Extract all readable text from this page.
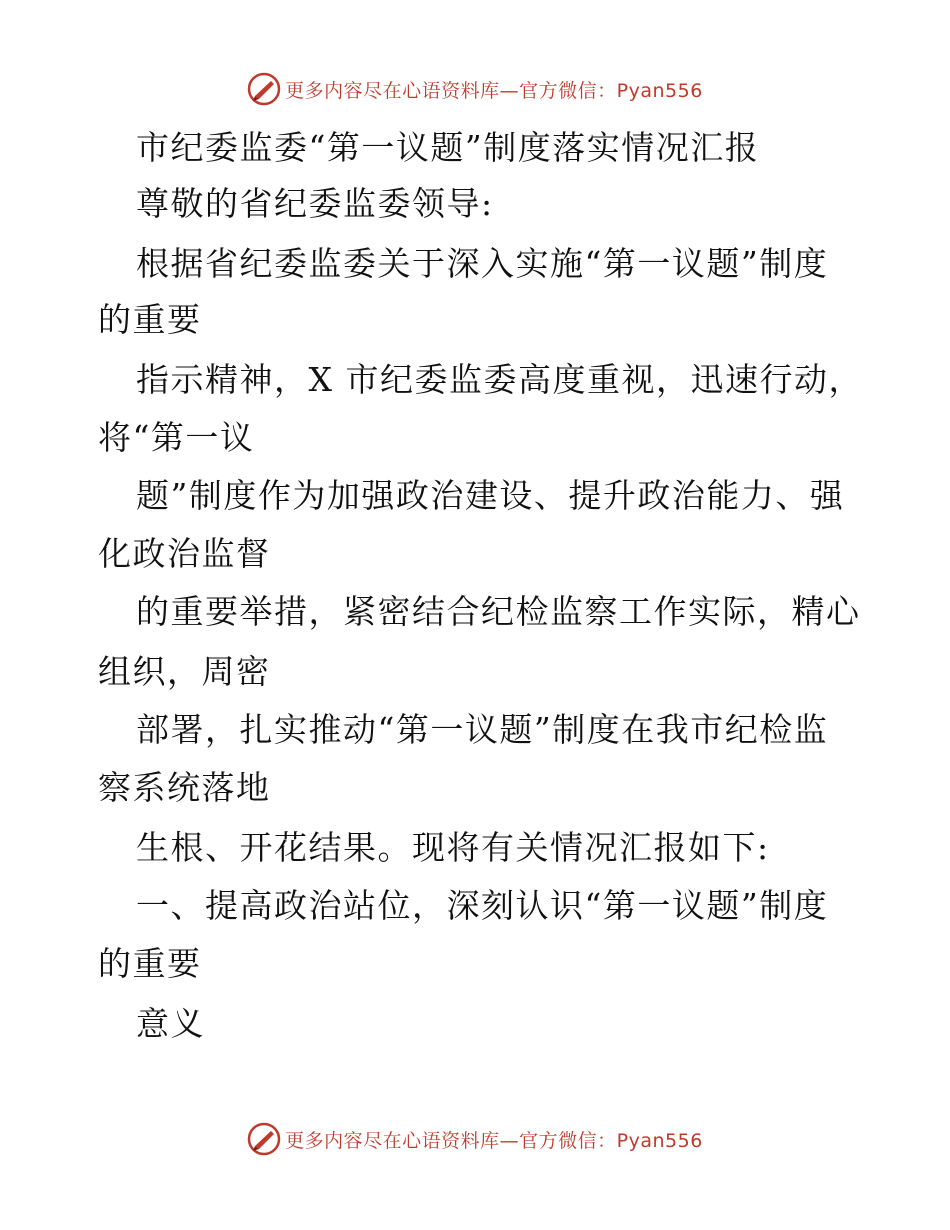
更多内容尽在心语资料库—官方微信：Pyan556
市纪委监委“第一议题”制度落实情况汇报
尊敬的省纪委监委领导:
根据省纪委监委关于深入实施“第一议题”制度
的重要
指示精神，X 市纪委监委高度重视，迅速行动，
将“第一议
题”制度作为加强政治建设、提升政治能力、强
化政治监督
的重要举措，紧密结合纪检监察工作实际，精心
组织，周密
部署，扎实推动“第一议题”制度在我市纪检监
察系统落地
生根、开花结果。现将有关情况汇报如下:
一、提高政治站位，深刻认识“第一议题”制度
的重要
意义
更多内容尽在心语资料库—官方微信：Pyan556
